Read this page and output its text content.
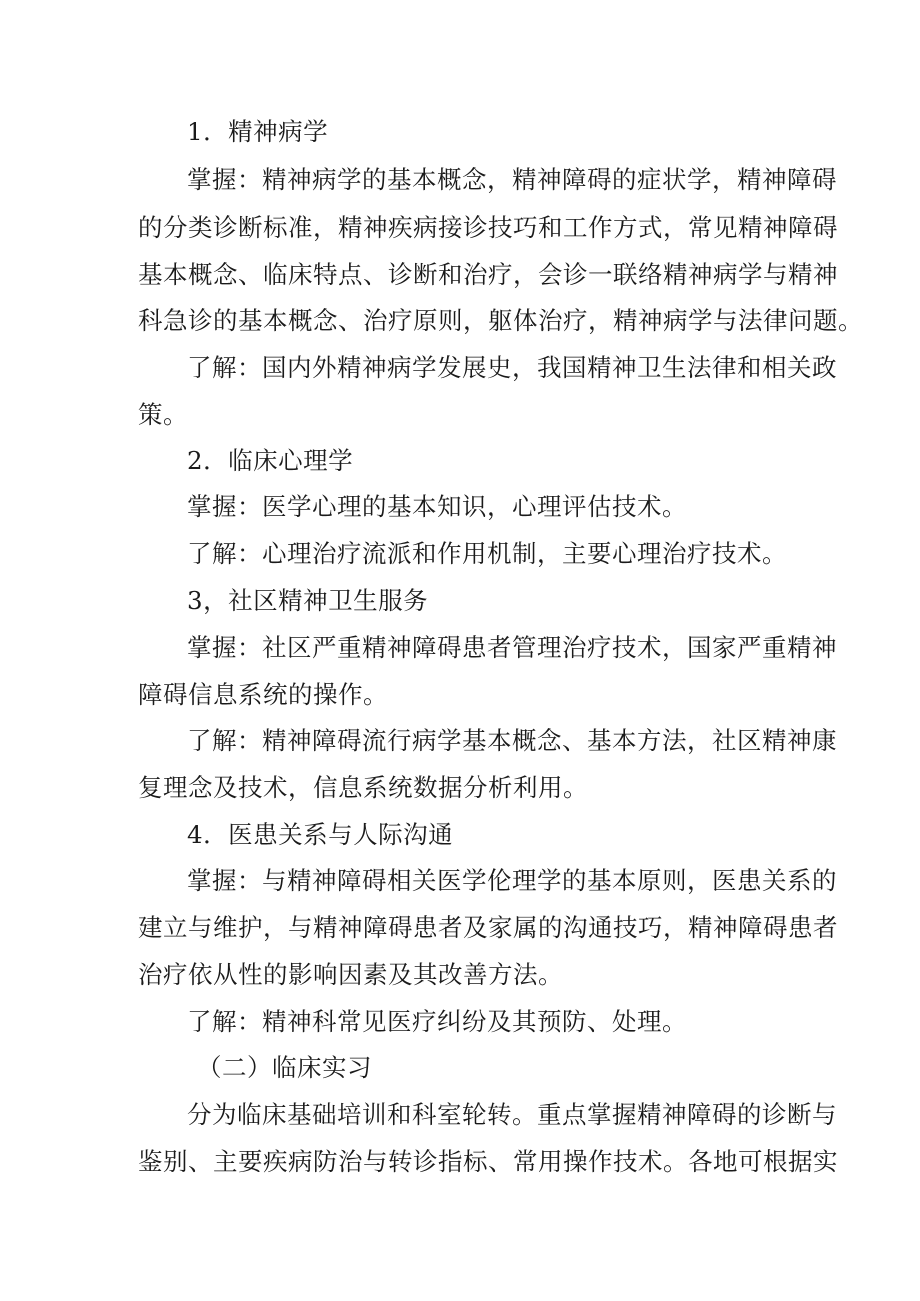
1．精神病学
掌握：精神病学的基本概念，精神障碍的症状学，精神障碍
的 分 类 诊 断 标 准 ， 精 神 疾 病 接 诊 技 巧 和 工 作 方 式 ， 常 见 精 神 障 碍
基 本 概 念 、 临 床 特 点 、 诊 断 和 治 疗 ， 会 诊 一 联 络 精 神 病 学 与 精 神
科急诊的基本概念、治疗原则，躯体治疗，精神病学与法律问题。
了解：国内外精神病学发展史，我国精神卫生法律和相关政
策。
2．临床心理学
掌握：医学心理的基本知识，心理评估技术。
了解：心理治疗流派和作用机制，主要心理治疗技术。
3，社区精神卫生服务
掌握：社区严重精神障碍患者管理治疗技术，国家严重精神
障碍信息系统的操作。
了解：精神障碍流行病学基本概念、基本方法，社区精神康
复理念及技术，信息系统数据分析利用。
4．医患关系与人际沟通
掌握：与精神障碍相关医学伦理学的基本原则，医患关系的
建 立 与 维 护 ， 与 精 神 障 碍 患 者 及 家 属 的 沟 通 技 巧 ， 精 神 障 碍 患 者
治疗依从性的影响因素及其改善方法。
了解：精神科常见医疗纠纷及其预防、处理。
（二）临床实习
分为临床基础培训和科室轮转。重点掌握精神障碍的诊断与
鉴 别 、 主 要 疾 病 防 治 与 转 诊 指 标 、 常 用 操 作 技 术 。 各 地 可 根 据 实
